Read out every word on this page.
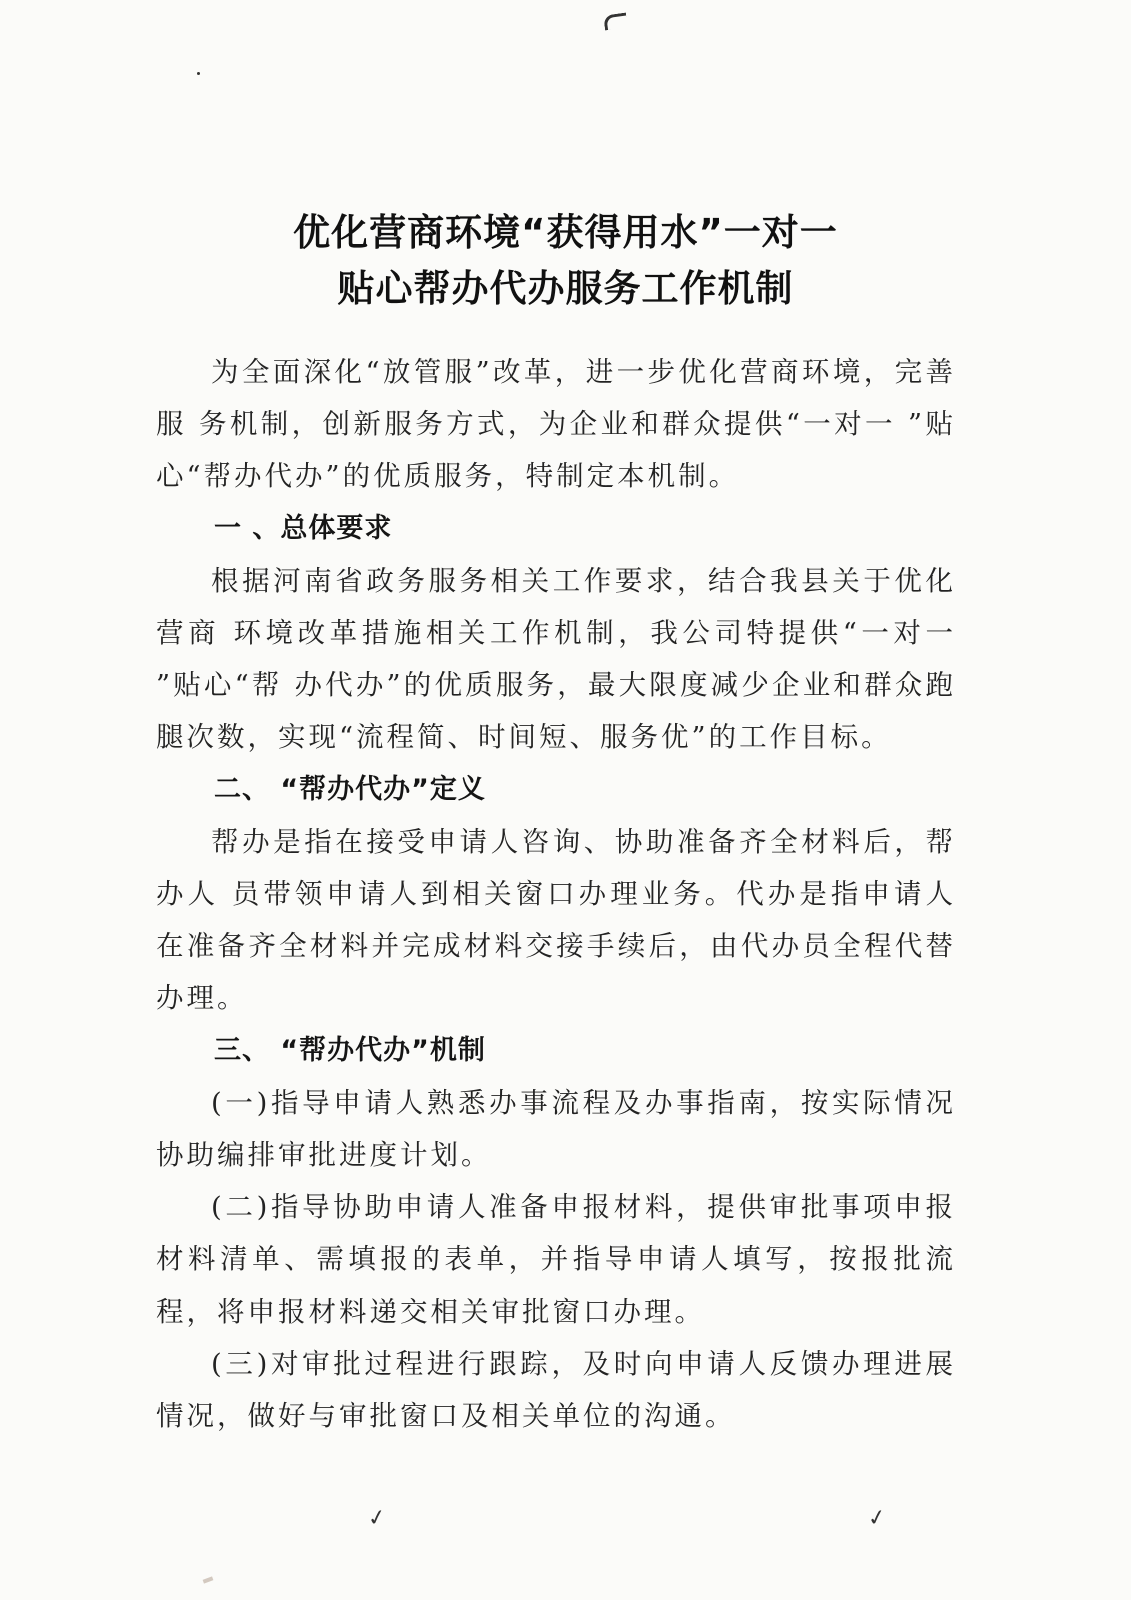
优化营商环境“获得用水”一对一
贴心帮办代办服务工作机制

为全面深化“放管服”改革，进一步优化营商环境，完善服 务机制，创新服务方式，为企业和群众提供“一对一 ”贴心“帮办代办”的优质服务，特制定本机制。

一 、总体要求

根据河南省政务服务相关工作要求，结合我县关于优化营商 环境改革措施相关工作机制，我公司特提供“一对一 ”贴心“帮 办代办”的优质服务，最大限度减少企业和群众跑腿次数，实现“流程简、时间短、服务优”的工作目标。

二、 “帮办代办”定义

帮办是指在接受申请人咨询、协助准备齐全材料后，帮办人 员带领申请人到相关窗口办理业务。代办是指申请人在准备齐全材料并完成材料交接手续后，由代办员全程代替办理。

三、 “帮办代办”机制

(一)指导申请人熟悉办事流程及办事指南，按实际情况协助编排审批进度计划。

(二)指导协助申请人准备申报材料，提供审批事项申报材料清单、需填报的表单，并指导申请人填写，按报批流程，将申报材料递交相关审批窗口办理。

(三)对审批过程进行跟踪，及时向申请人反馈办理进展情况，做好与审批窗口及相关单位的沟通。

✓	✓
